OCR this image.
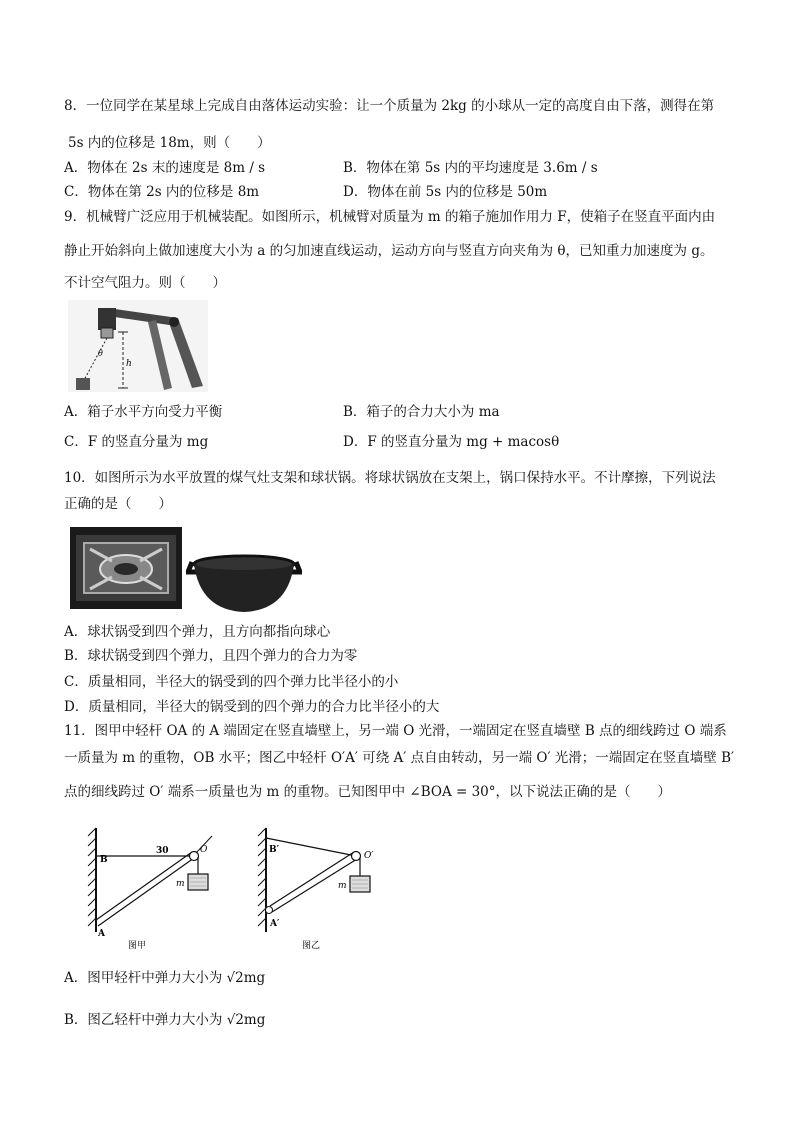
8．一位同学在某星球上完成自由落体运动实验：让一个质量为 2kg 的小球从一定的高度自由下落，测得在第
5s 内的位移是 18m，则（　　）
A．物体在 2s 末的速度是 8m / s	B．物体在第 5s 内的平均速度是 3.6m / s
C．物体在第 2s 内的位移是 8m	D．物体在前 5s 内的位移是 50m
9．机械臂广泛应用于机械装配。如图所示，机械臂对质量为 m 的箱子施加作用力 F，使箱子在竖直平面内由
静止开始斜向上做加速度大小为 a 的匀加速直线运动，运动方向与竖直方向夹角为 θ，已知重力加速度为 g。
不计空气阻力。则（　　）
h
θ
A．箱子水平方向受力平衡	B．箱子的合力大小为 ma
C．F 的竖直分量为 mg	D．F 的竖直分量为 mg + macosθ
10．如图所示为水平放置的煤气灶支架和球状锅。将球状锅放在支架上，锅口保持水平。不计摩擦，下列说法
正确的是（　　）
A．球状锅受到四个弹力，且方向都指向球心
B．球状锅受到四个弹力，且四个弹力的合力为零
C．质量相同，半径大的锅受到的四个弹力比半径小的小
D．质量相同，半径大的锅受到的四个弹力的合力比半径小的大
11．图甲中轻杆 OA 的 A 端固定在竖直墙壁上，另一端 O 光滑，一端固定在竖直墙壁 B 点的细线跨过 O 端系
一质量为 m 的重物，OB 水平；图乙中轻杆 O′A′ 可绕 A′ 点自由转动，另一端 O′ 光滑；一端固定在竖直墙壁 B′
点的细线跨过 O′ 端系一质量也为 m 的重物。已知图甲中 ∠BOA = 30°，以下说法正确的是（　　）
B
30	O
m
A
图甲
B′
O′
m
A′
图乙
A．图甲轻杆中弹力大小为 √2mg
B．图乙轻杆中弹力大小为 √2mg
